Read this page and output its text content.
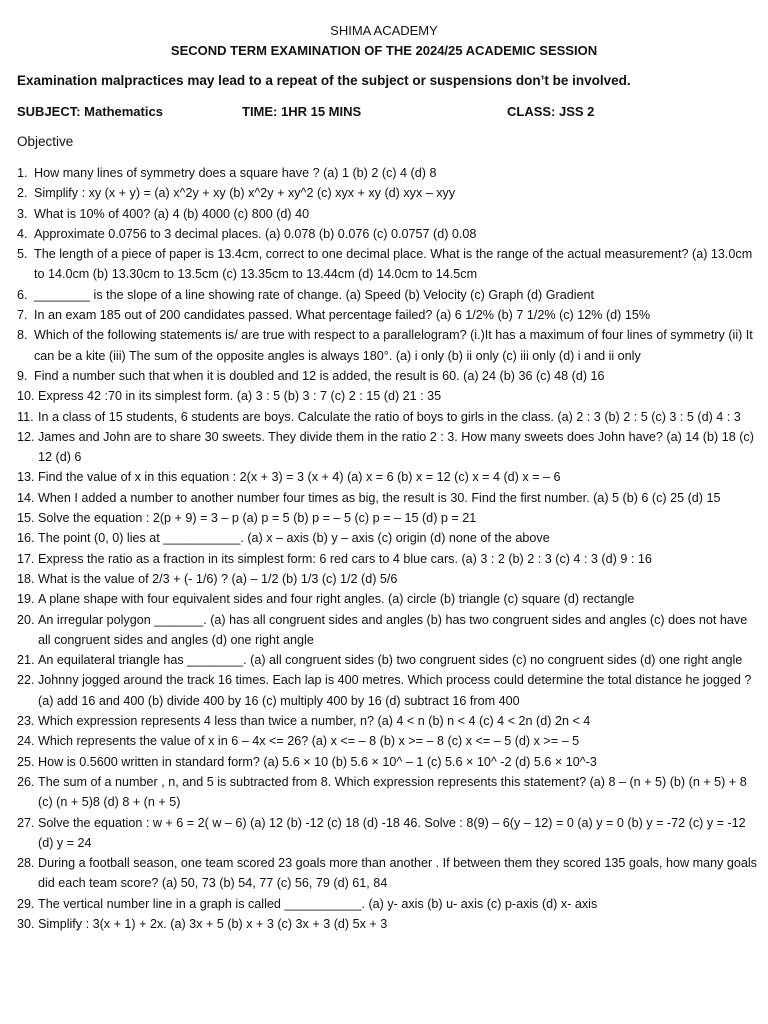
SHIMA ACADEMY
SECOND TERM EXAMINATION OF THE 2024/25 ACADEMIC SESSION
Examination malpractices may lead to a repeat of the subject or suspensions don’t be involved.
SUBJECT: Mathematics	TIME: 1HR 15 MINS	CLASS: JSS 2
Objective
1. How many lines of symmetry does a square have ? (a) 1 (b) 2 (c) 4 (d) 8
2. Simplify : xy (x + y) = (a) x^2y + xy (b) x^2y + xy^2 (c) xyx + xy (d) xyx – xyy
3. What is 10% of 400? (a) 4 (b) 4000 (c) 800 (d) 40
4. Approximate 0.0756 to 3 decimal places. (a) 0.078 (b) 0.076 (c) 0.0757 (d) 0.08
5. The length of a piece of paper is 13.4cm, correct to one decimal place. What is the range of the actual measurement? (a) 13.0cm to 14.0cm (b) 13.30cm to 13.5cm (c) 13.35cm to 13.44cm (d) 14.0cm to 14.5cm
6. ________ is the slope of a line showing rate of change. (a) Speed (b) Velocity (c) Graph (d) Gradient
7. In an exam 185 out of 200 candidates passed. What percentage failed? (a) 6 1/2% (b) 7 1/2% (c) 12% (d) 15%
8. Which of the following statements is/ are true with respect to a parallelogram? (i.)It has a maximum of four lines of symmetry (ii) It can be a kite (iii) The sum of the opposite angles is always 180°. (a) i only (b) ii only (c) iii only (d) i and ii only
9. Find a number such that when it is doubled and 12 is added, the result is 60. (a) 24 (b) 36 (c) 48 (d) 16
10. Express 42 :70 in its simplest form. (a) 3 : 5 (b) 3 : 7 (c) 2 : 15 (d) 21 : 35
11. In a class of 15 students, 6 students are boys. Calculate the ratio of boys to girls in the class. (a) 2 : 3 (b) 2 : 5 (c) 3 : 5 (d) 4 : 3
12. James and John are to share 30 sweets. They divide them in the ratio 2 : 3. How many sweets does John have? (a) 14 (b) 18 (c) 12 (d) 6
13. Find the value of x in this equation : 2(x + 3) = 3 (x + 4) (a) x = 6 (b) x = 12 (c) x = 4 (d) x = – 6
14. When I added a number to another number four times as big, the result is 30. Find the first number. (a) 5 (b) 6 (c) 25 (d) 15
15. Solve the equation : 2(p + 9) = 3 – p (a) p = 5 (b) p = – 5 (c) p = – 15 (d) p = 21
16. The point (0, 0) lies at ___________. (a) x – axis (b) y – axis (c) origin (d) none of the above
17. Express the ratio as a fraction in its simplest form: 6 red cars to 4 blue cars. (a) 3 : 2 (b) 2 : 3 (c) 4 : 3 (d) 9 : 16
18. What is the value of 2/3 + (- 1/6) ? (a) – 1/2 (b) 1/3 (c) 1/2 (d) 5/6
19. A plane shape with four equivalent sides and four right angles. (a) circle (b) triangle (c) square (d) rectangle
20. An irregular polygon _______. (a) has all congruent sides and angles (b) has two congruent sides and angles (c) does not have all congruent sides and angles (d) one right angle
21. An equilateral triangle has ________. (a) all congruent sides (b) two congruent sides (c) no congruent sides (d) one right angle
22. Johnny jogged around the track 16 times. Each lap is 400 metres. Which process could determine the total distance he jogged ? (a) add 16 and 400 (b) divide 400 by 16 (c) multiply 400 by 16 (d) subtract 16 from 400
23. Which expression represents 4 less than twice a number, n? (a) 4 < n (b) n < 4 (c) 4 < 2n (d) 2n < 4
24. Which represents the value of x in 6 – 4x <= 26? (a) x <= – 8 (b) x >= – 8 (c) x <= – 5 (d) x >= – 5
25. How is 0.5600 written in standard form? (a) 5.6 × 10 (b) 5.6 × 10^ – 1 (c) 5.6 × 10^ -2 (d) 5.6 × 10^-3
26. The sum of a number , n, and 5 is subtracted from 8. Which expression represents this statement? (a) 8 – (n + 5) (b) (n + 5) + 8 (c) (n + 5)8 (d) 8 + (n + 5)
27. Solve the equation : w + 6 = 2( w – 6) (a) 12 (b) -12 (c) 18 (d) -18 46. Solve : 8(9) – 6(y – 12) = 0 (a) y = 0 (b) y = -72 (c) y = -12 (d) y = 24
28. During a football season, one team scored 23 goals more than another . If between them they scored 135 goals, how many goals did each team score? (a) 50, 73 (b) 54, 77 (c) 56, 79 (d) 61, 84
29. The vertical number line in a graph is called ___________. (a) y- axis (b) u- axis (c) p-axis (d) x- axis
30. Simplify : 3(x + 1) + 2x. (a) 3x + 5 (b) x + 3 (c) 3x + 3 (d) 5x + 3
